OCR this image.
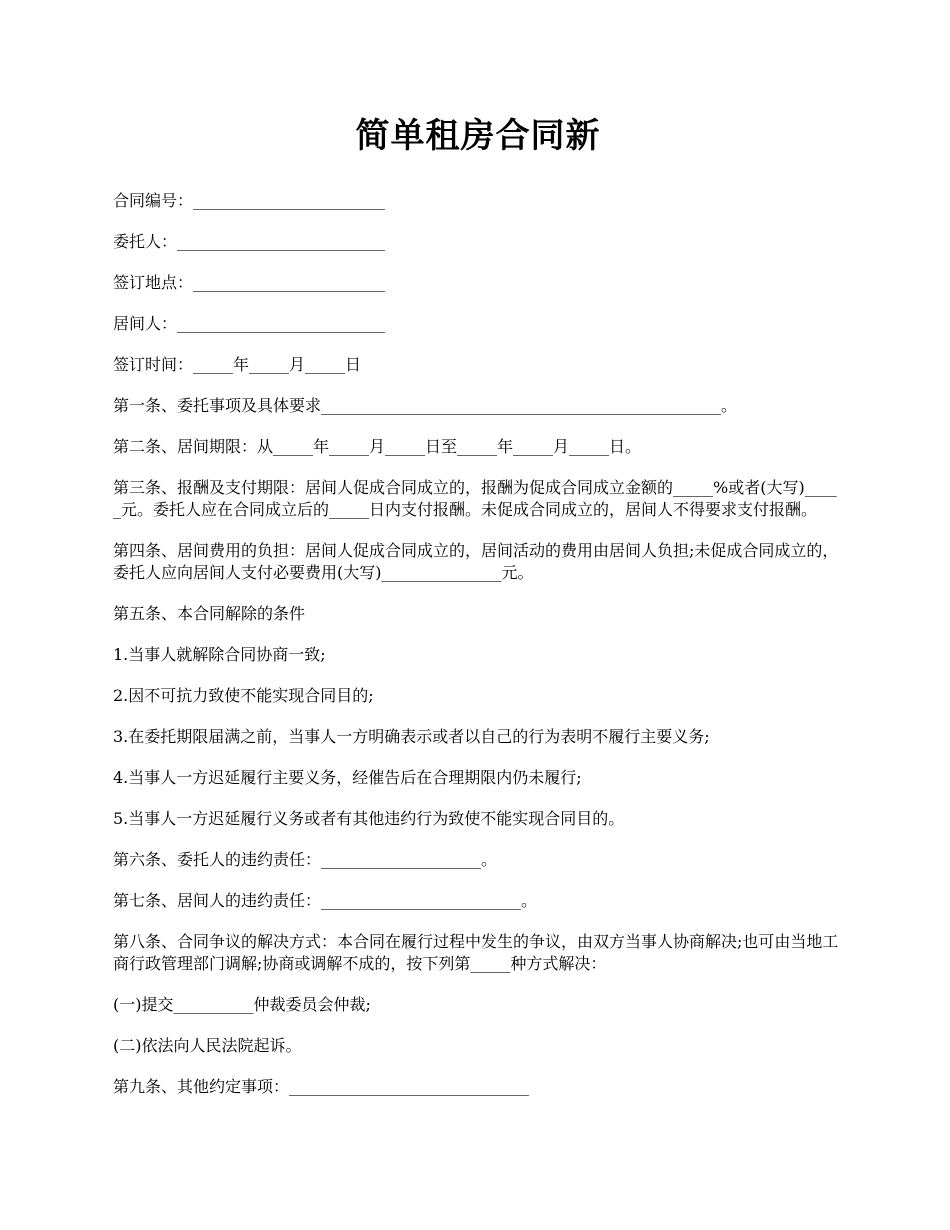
简单租房合同新

合同编号：________________________

委托人：__________________________

签订地点：________________________

居间人：__________________________

签订时间：_____年_____月_____日

第一条、委托事项及具体要求__________________________________________________。

第二条、居间期限：从_____年_____月_____日至_____年_____月_____日。

第三条、报酬及支付期限：居间人促成合同成立的，报酬为促成合同成立金额的_____%或者(大写)_____元。委托人应在合同成立后的_____日内支付报酬。未促成合同成立的，居间人不得要求支付报酬。

第四条、居间费用的负担：居间人促成合同成立的，居间活动的费用由居间人负担;未促成合同成立的，委托人应向居间人支付必要费用(大写)_______________元。

第五条、本合同解除的条件

1.当事人就解除合同协商一致;

2.因不可抗力致使不能实现合同目的;

3.在委托期限届满之前，当事人一方明确表示或者以自己的行为表明不履行主要义务;

4.当事人一方迟延履行主要义务，经催告后在合理期限内仍未履行;

5.当事人一方迟延履行义务或者有其他违约行为致使不能实现合同目的。

第六条、委托人的违约责任：____________________。

第七条、居间人的违约责任：_________________________。

第八条、合同争议的解决方式：本合同在履行过程中发生的争议，由双方当事人协商解决;也可由当地工商行政管理部门调解;协商或调解不成的，按下列第_____种方式解决：

(一)提交__________仲裁委员会仲裁;

(二)依法向人民法院起诉。

第九条、其他约定事项：______________________________
